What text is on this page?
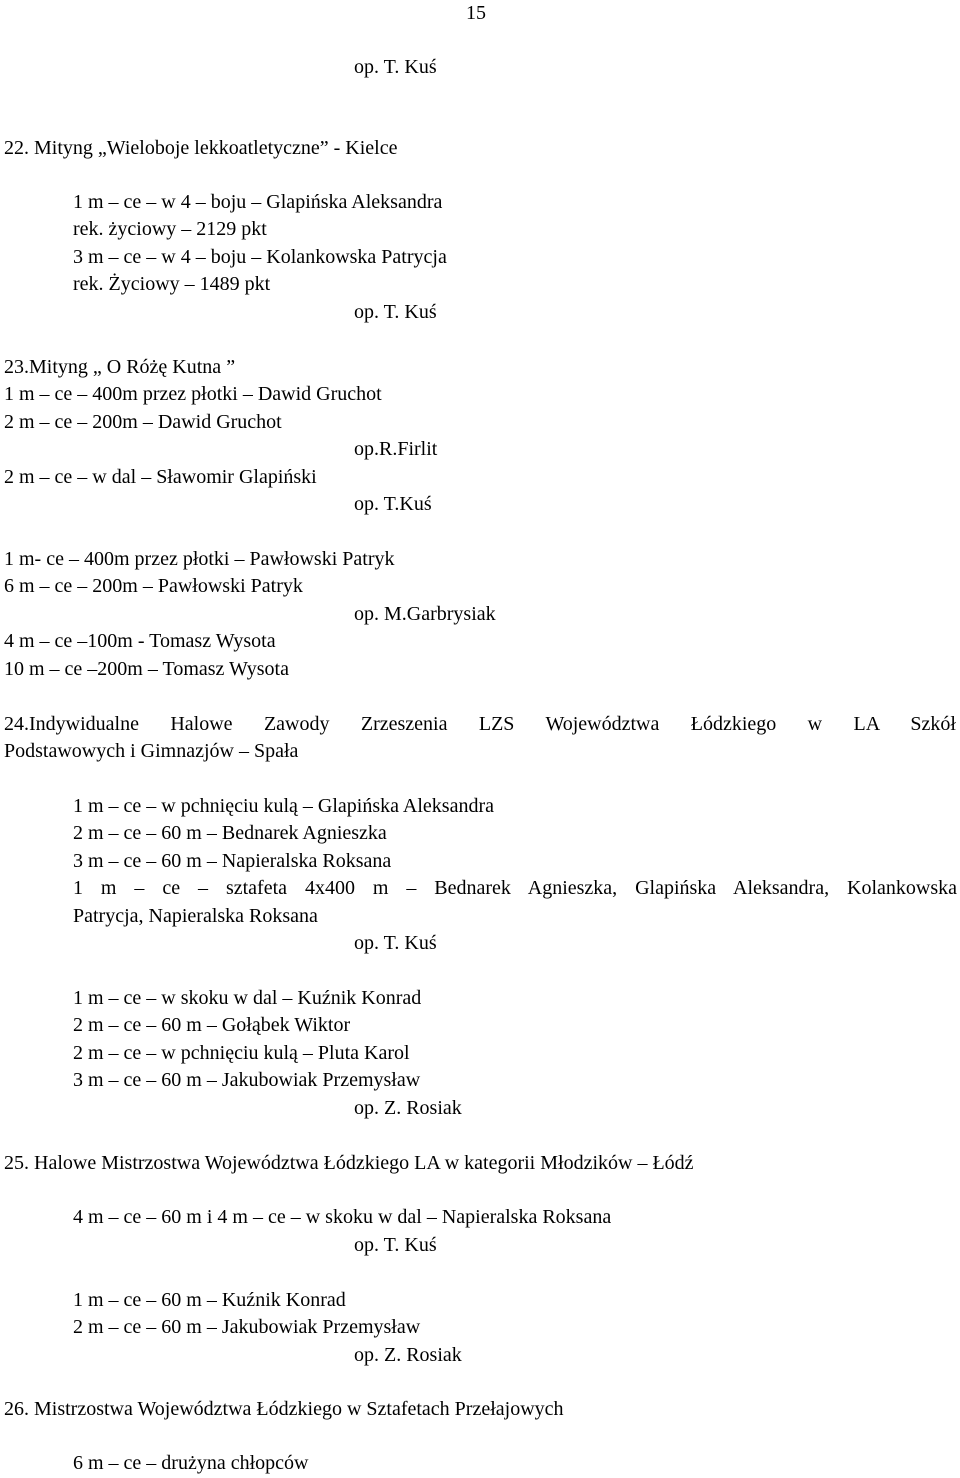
15
op. T. Kuś
22. Mityng „Wieloboje lekkoatletyczne” - Kielce
1 m – ce – w 4 – boju – Glapińska Aleksandra
rek. życiowy – 2129 pkt
3 m – ce – w 4 – boju – Kolankowska Patrycja
rek. Życiowy – 1489 pkt
op. T. Kuś
23.Mityng „ O Różę Kutna ”
1 m – ce – 400m przez płotki – Dawid Gruchot
2 m – ce – 200m – Dawid Gruchot
op.R.Firlit
2 m – ce – w dal – Sławomir Glapiński
op. T.Kuś
1 m- ce – 400m przez płotki – Pawłowski Patryk
6 m – ce – 200m – Pawłowski Patryk
op. M.Garbrysiak
4 m – ce –100m - Tomasz Wysota
10 m – ce –200m – Tomasz Wysota
24.Indywidualne Halowe Zawody Zrzeszenia LZS Województwa Łódzkiego w LA Szkół
Podstawowych i Gimnazjów – Spała
1 m – ce – w pchnięciu kulą – Glapińska Aleksandra
2 m – ce – 60 m – Bednarek Agnieszka
3 m – ce – 60 m – Napieralska Roksana
1 m – ce – sztafeta 4x400 m – Bednarek Agnieszka, Glapińska Aleksandra, Kolankowska
Patrycja, Napieralska Roksana
op. T. Kuś
1 m – ce – w skoku w dal – Kuźnik Konrad
2 m – ce – 60 m – Gołąbek Wiktor
2 m – ce – w pchnięciu kulą – Pluta Karol
3 m – ce – 60 m – Jakubowiak Przemysław
op. Z. Rosiak
25. Halowe Mistrzostwa Województwa Łódzkiego LA w kategorii Młodzików – Łódź
4 m – ce – 60 m i 4 m – ce – w skoku w dal – Napieralska Roksana
op. T. Kuś
1 m – ce – 60 m – Kuźnik Konrad
2 m – ce – 60 m – Jakubowiak Przemysław
op. Z. Rosiak
26. Mistrzostwa Województwa Łódzkiego w Sztafetach Przełajowych
6 m – ce – drużyna chłopców
